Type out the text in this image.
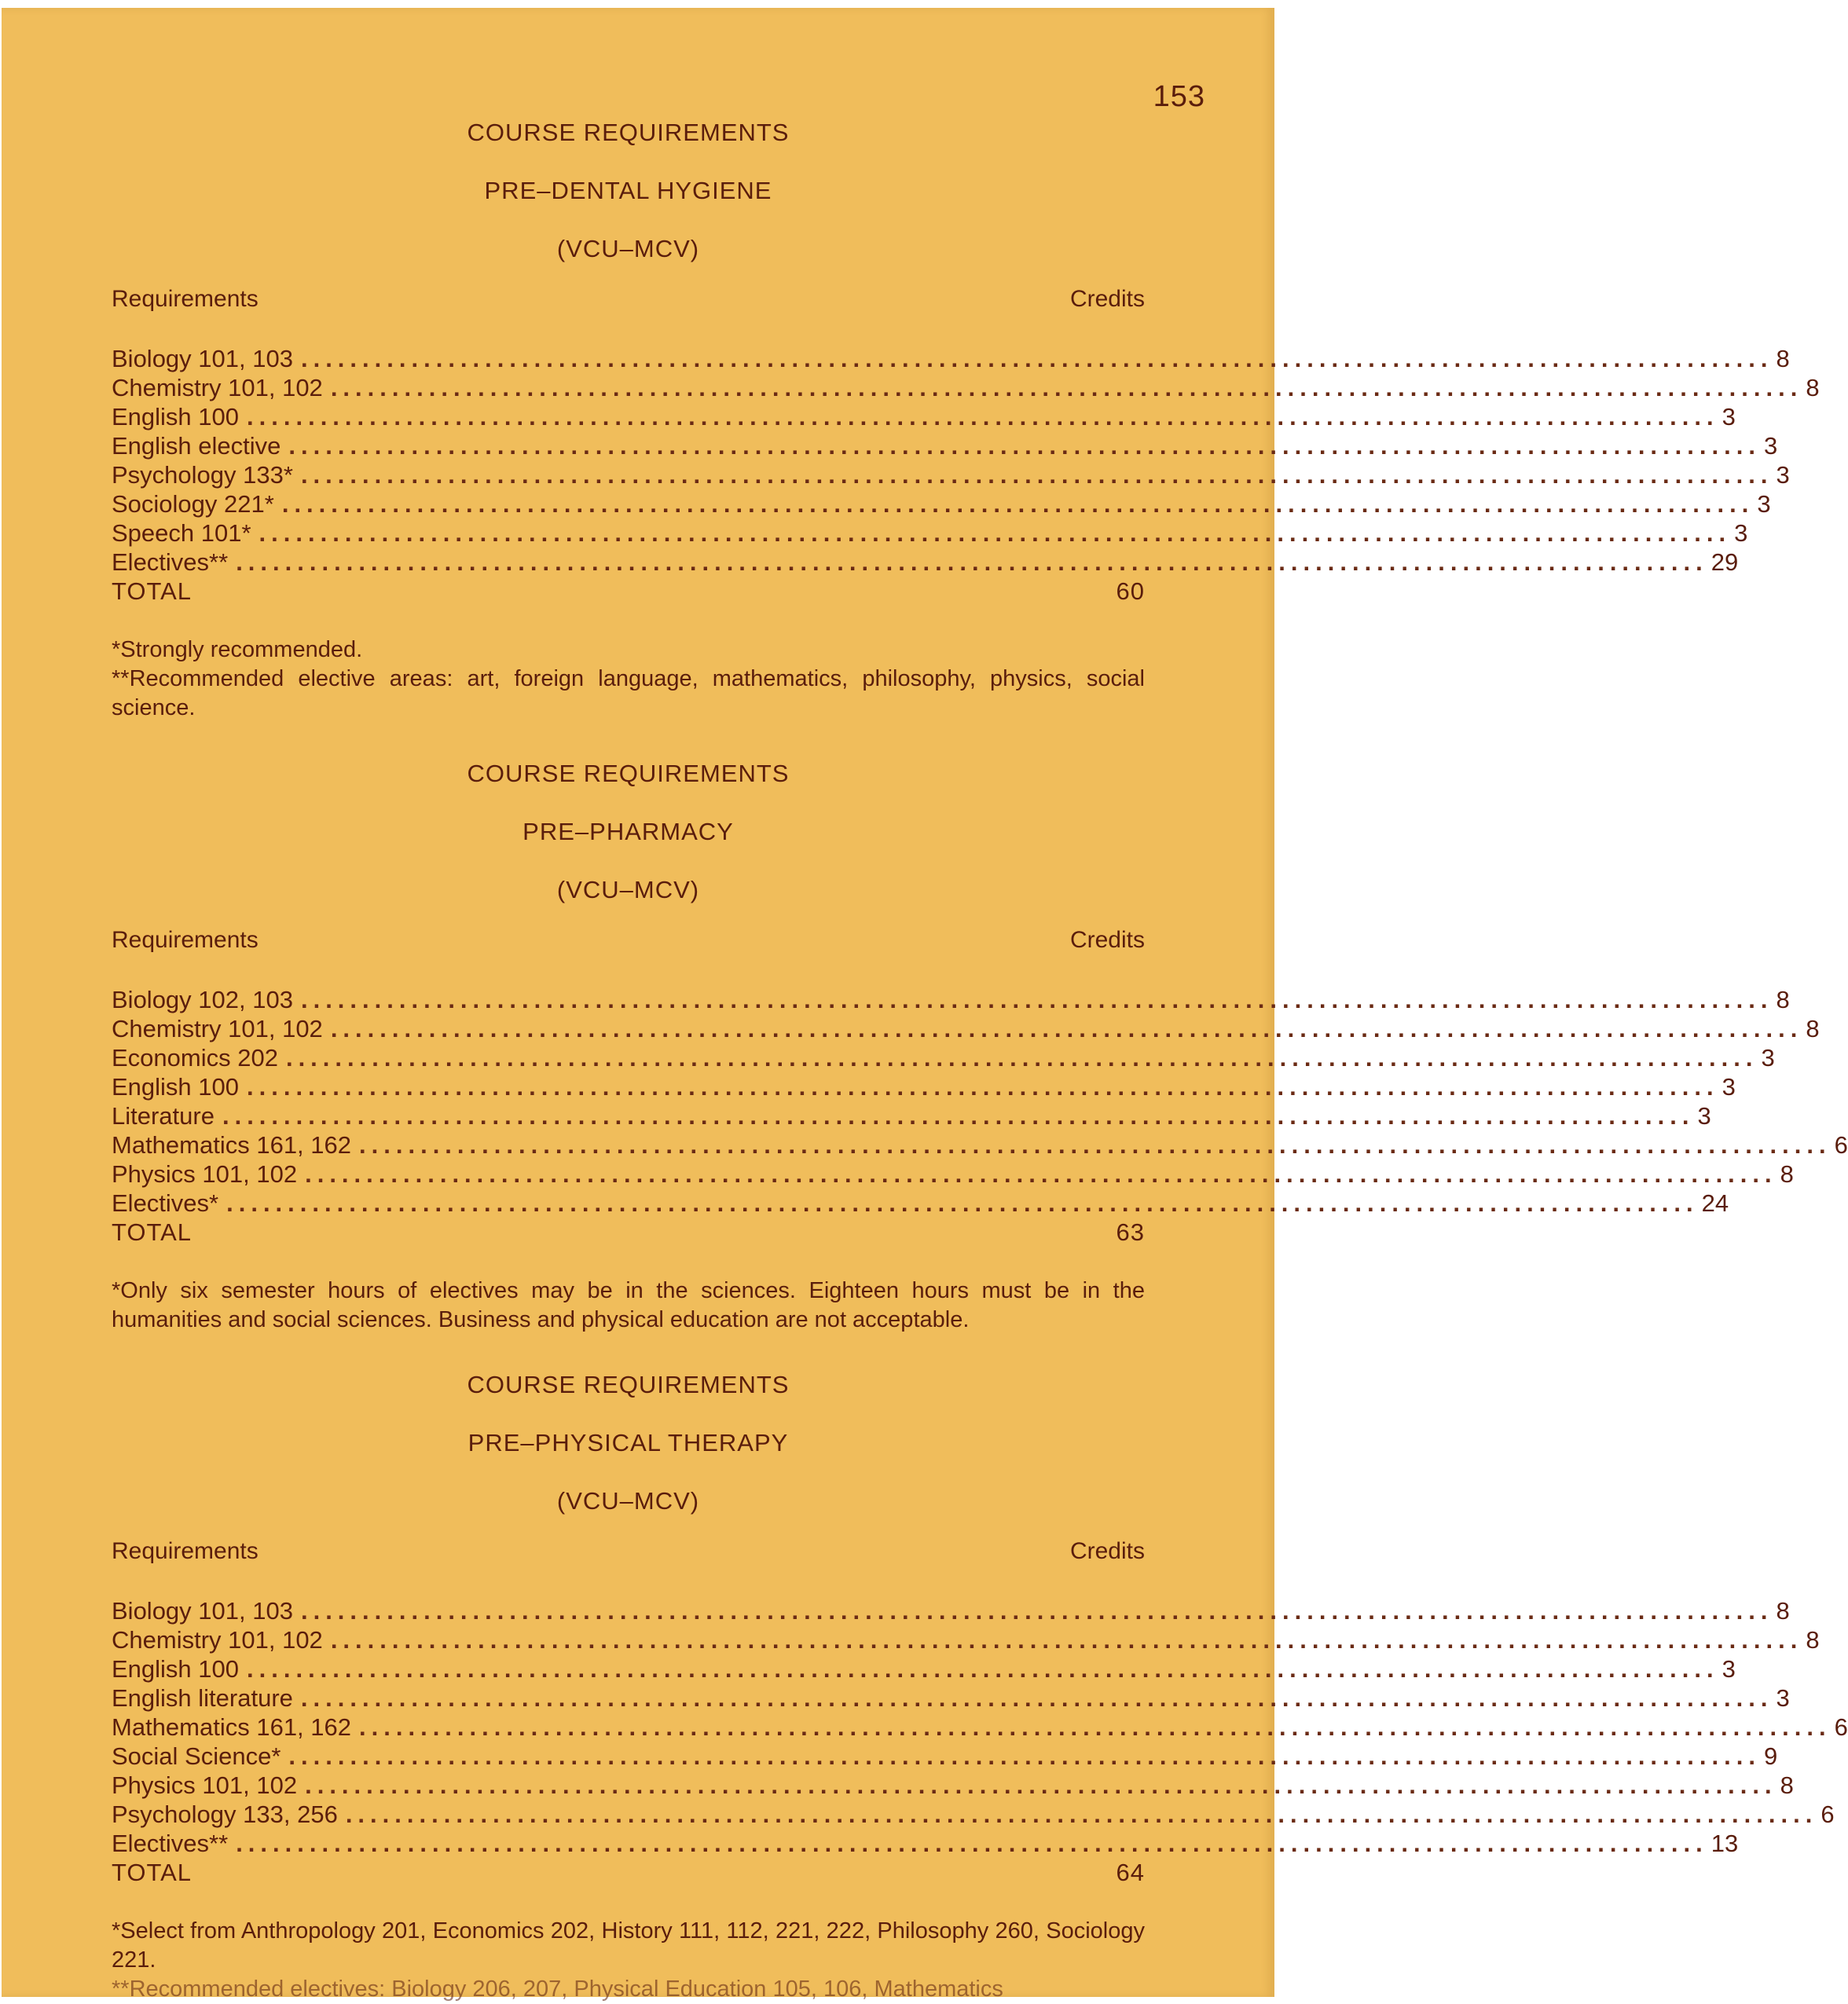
153
COURSE REQUIREMENTS
PRE–DENTAL HYGIENE
(VCU–MCV)
Requirements	Credits
Biology 101, 103 ........................................................................................................................ 8
Chemistry 101, 102 ........................................................................................................................ 8
English 100 ........................................................................................................................ 3
English elective ........................................................................................................................ 3
Psychology 133* ........................................................................................................................ 3
Sociology 221* ........................................................................................................................ 3
Speech 101* ........................................................................................................................ 3
Electives** ........................................................................................................................ 29
TOTAL	60

*Strongly recommended.

**Recommended elective areas: art, foreign language, mathematics, philosophy, physics, social science.

COURSE REQUIREMENTS
PRE–PHARMACY
(VCU–MCV)
Requirements	Credits
Biology 102, 103 ........................................................................................................................ 8
Chemistry 101, 102 ........................................................................................................................ 8
Economics 202 ........................................................................................................................ 3
English 100 ........................................................................................................................ 3
Literature ........................................................................................................................ 3
Mathematics 161, 162 ........................................................................................................................ 6
Physics 101, 102 ........................................................................................................................ 8
Electives* ........................................................................................................................ 24
TOTAL	63

*Only six semester hours of electives may be in the sciences. Eighteen hours must be in the humanities and social sciences. Business and physical education are not acceptable.

COURSE REQUIREMENTS
PRE–PHYSICAL THERAPY
(VCU–MCV)
Requirements	Credits
Biology 101, 103 ........................................................................................................................ 8
Chemistry 101, 102 ........................................................................................................................ 8
English 100 ........................................................................................................................ 3
English literature ........................................................................................................................ 3
Mathematics 161, 162 ........................................................................................................................ 6
Social Science* ........................................................................................................................ 9
Physics 101, 102 ........................................................................................................................ 8
Psychology 133, 256 ........................................................................................................................ 6
Electives** ........................................................................................................................ 13
TOTAL	64

*Select from Anthropology 201, Economics 202, History 111, 112, 221, 222, Philosophy 260, Sociology 221.

**Recommended electives: Biology 206, 207, Physical Education 105, 106, Mathematics
